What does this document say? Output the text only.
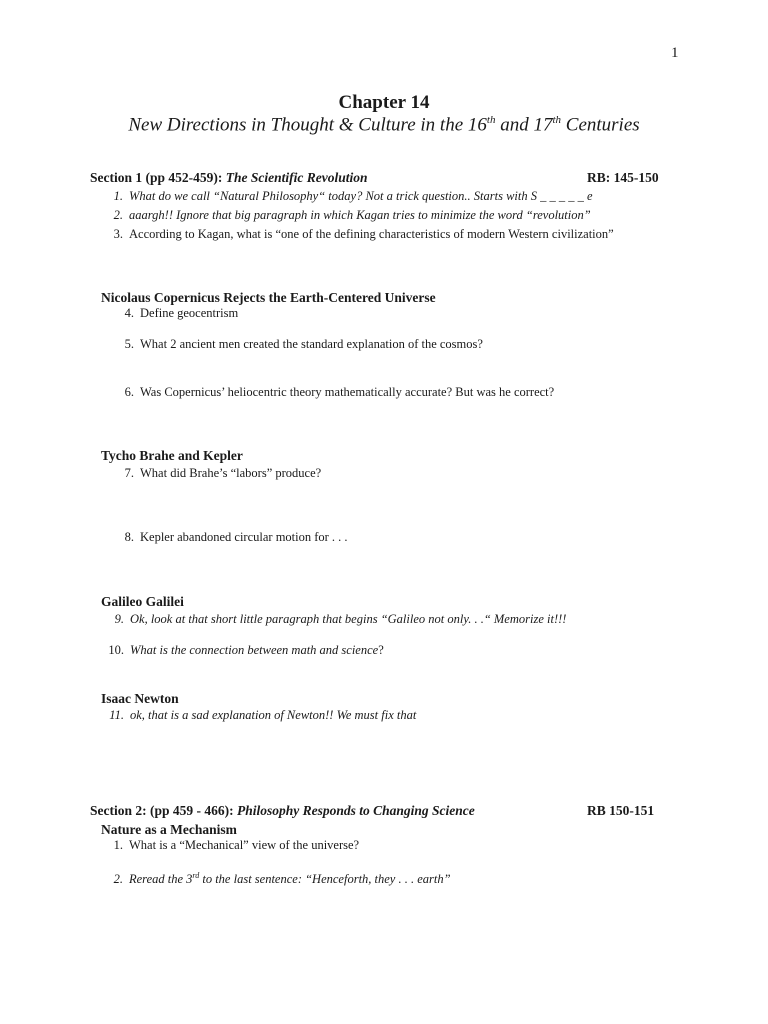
1
Chapter 14
New Directions in Thought & Culture in the 16th and 17th Centuries
Section 1 (pp 452-459): The Scientific Revolution	RB: 145-150
1. What do we call “Natural Philosophy“ today? Not a trick question.. Starts with S _ _ _ _ _ e
2. aaargh!! Ignore that big paragraph in which Kagan tries to minimize the word “revolution”
3. According to Kagan, what is “one of the defining characteristics of modern Western civilization”
Nicolaus Copernicus Rejects the Earth-Centered Universe
4. Define geocentrism
5. What 2 ancient men created the standard explanation of the cosmos?
6. Was Copernicus’ heliocentric theory mathematically accurate? But was he correct?
Tycho Brahe and Kepler
7. What did Brahe’s “labors” produce?
8. Kepler abandoned circular motion for . . .
Galileo Galilei
9. Ok, look at that short little paragraph that begins “Galileo not only. . .“ Memorize it!!!
10. What is the connection between math and science?
Isaac Newton
11. ok, that is a sad explanation of Newton!! We must fix that
Section 2: (pp 459 - 466): Philosophy Responds to Changing Science	RB 150-151
Nature as a Mechanism
1. What is a “Mechanical” view of the universe?
2. Reread the 3rd to the last sentence: “Henceforth, they . . . earth”
